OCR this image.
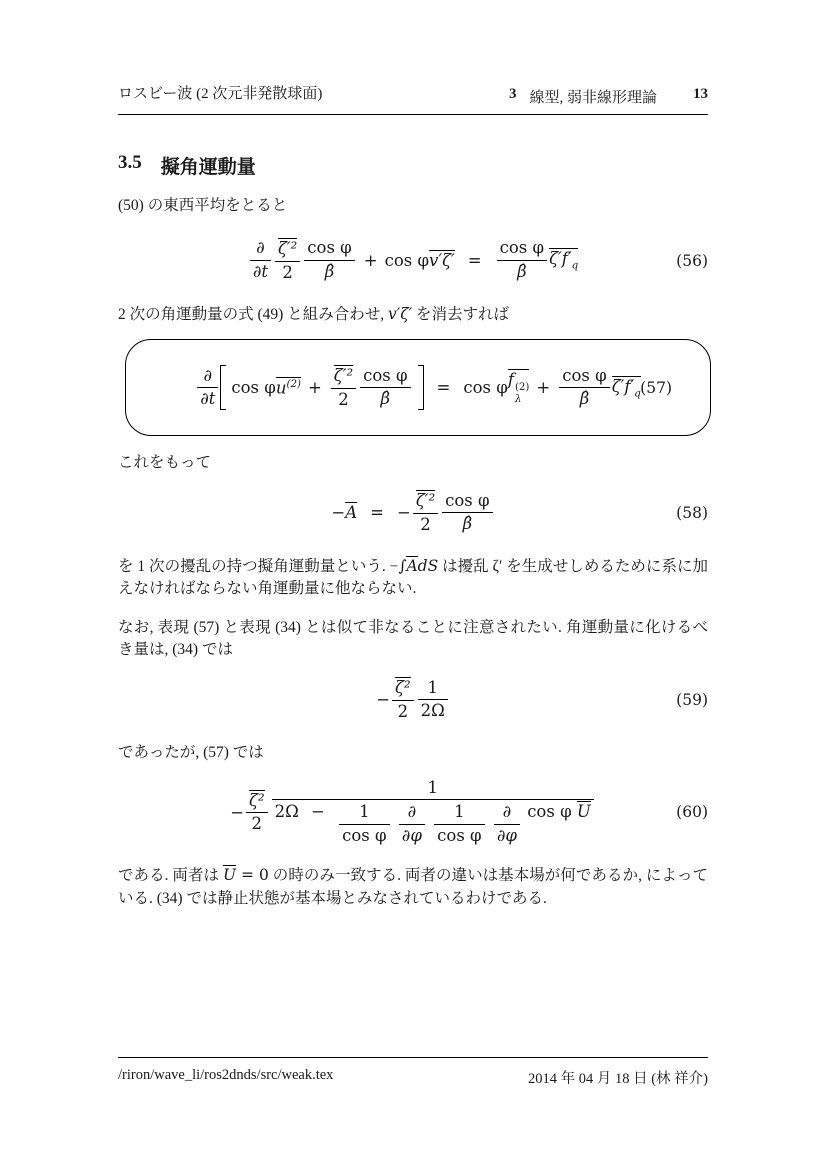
ロスビー波 (2 次元非発散球面)	3 線型, 弱非線形理論 13
3.5 擬角運動量
(50) の東西平均をとると
$\frac{\partial}{\partial t} \frac{\text{ζ′²}}{2} \frac{\text{cos φ}}{\betâ} + \cos \varphi$ $v'\zeta' = \frac{\text{cos φ}}{\betâ} \zeta'f'_q$	(56)
2 次の角運動量の式 (49) と組み合わせ, v′ζ′ を消去すれば
$\frac{\partial}{\partial t}$ cos φ $u^{(2)} + \frac{\text{ζ′²}}{2} \frac{\text{cos φ}}{\betâ} = \cos \varphi$ f (2)
λ
+ $\frac{\text{cos φ}}{\betâ} \zeta'f'_q$ (57)
これをもって
− A = − $\frac{\text{ζ′²}}{2} \frac{\text{cos φ}}{\betâ}$	(58)
を 1 次の擾乱の持つ擬角運動量という. −∫AdS は擾乱 ζ′ を生成せしめるために系に加えなければならない角運動量に他ならない.
なお, 表現 (57) と表現 (34) とは似て非なることに注意されたい. 角運動量に化けるべき量は, (34) では
− $\frac{\text{ζ²}}{2} \frac{1}{2\Omega}$	(59)
であったが, (57) では
− $\frac{\text{ζ²}}{2}$
1
$2\Omega - \frac{1}{\text{cos φ}}$
$\frac{\partial}{\partial\varphi}$
$\frac{1}{\text{cos φ}}$
$\frac{\partial}{\partial\varphi}$ cos φ U	(60)
である. 両者は U = 0 の時のみ一致する. 両者の違いは基本場が何であるか, によっている. (34) では静止状態が基本場とみなされているわけである.
/riron/wave_li/ros2dnds/src/weak.tex	2014 年 04 月 18 日 (林 祥介)
